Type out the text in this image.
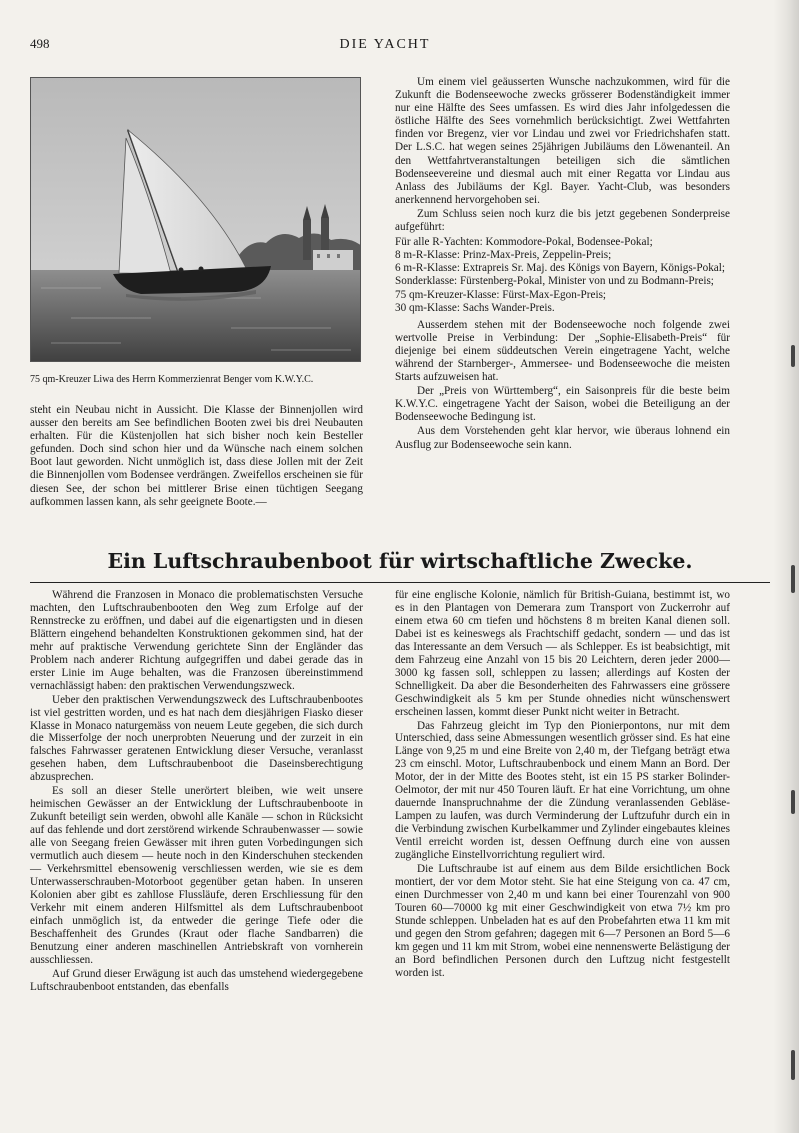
498	DIE YACHT
75 qm-Kreuzer Liwa des Herrn Kommerzienrat Benger vom K.W.Y.C.

steht ein Neubau nicht in Aussicht. Die Klasse der Binnenjollen wird ausser den bereits am See befindlichen Booten zwei bis drei Neubauten erhalten. Für die Küstenjollen hat sich bisher noch kein Besteller gefunden. Doch sind schon hier und da Wünsche nach einem solchen Boot laut geworden. Nicht unmöglich ist, dass diese Jollen mit der Zeit die Binnenjollen vom Bodensee verdrängen. Zweifellos erscheinen sie für diesen See, der schon bei mittlerer Brise einen tüchtigen Seegang aufkommen lassen kann, als sehr geeignete Boote.—

Um einem viel geäusserten Wunsche nachzukommen, wird für die Zukunft die Bodenseewoche zwecks grösserer Bodenständigkeit immer nur eine Hälfte des Sees umfassen. Es wird dies Jahr infolgedessen die östliche Hälfte des Sees vornehmlich berücksichtigt. Zwei Wettfahrten finden vor Bregenz, vier vor Lindau und zwei vor Friedrichshafen statt. Der L.S.C. hat wegen seines 25jährigen Jubiläums den Löwenanteil. An den Wettfahrtveranstaltungen beteiligen sich die sämtlichen Bodenseevereine und diesmal auch mit einer Regatta vor Lindau aus Anlass des Jubiläums der Kgl. Bayer. Yacht-Club, was besonders anerkennend hervorgehoben sei.

Zum Schluss seien noch kurz die bis jetzt gegebenen Sonderpreise aufgeführt:

Für alle R-Yachten: Kommodore-Pokal, Bodensee-Pokal;
8 m-R-Klasse: Prinz-Max-Preis, Zeppelin-Preis;
6 m-R-Klasse: Extrapreis Sr. Maj. des Königs von Bayern, Königs-Pokal;
Sonderklasse: Fürstenberg-Pokal, Minister von und zu Bodmann-Preis;
75 qm-Kreuzer-Klasse: Fürst-Max-Egon-Preis;
30 qm-Klasse: Sachs Wander-Preis.

Ausserdem stehen mit der Bodenseewoche noch folgende zwei wertvolle Preise in Verbindung: Der „Sophie-Elisabeth-Preis“ für diejenige bei einem süddeutschen Verein eingetragene Yacht, welche während der Starnberger-, Ammersee- und Bodenseewoche die meisten Starts aufzuweisen hat.

Der „Preis von Württemberg“, ein Saisonpreis für die beste beim K.W.Y.C. eingetragene Yacht der Saison, wobei die Beteiligung an der Bodenseewoche Bedingung ist.

Aus dem Vorstehenden geht klar hervor, wie überaus lohnend ein Ausflug zur Bodenseewoche sein kann.

Ein Luftschraubenboot für wirtschaftliche Zwecke.

Während die Franzosen in Monaco die problematischsten Versuche machten, den Luftschraubenbooten den Weg zum Erfolge auf der Rennstrecke zu eröffnen, und dabei auf die eigenartigsten und in diesen Blättern eingehend behandelten Konstruktionen gekommen sind, hat der mehr auf praktische Verwendung gerichtete Sinn der Engländer das Problem nach anderer Richtung aufgegriffen und dabei gerade das in erster Linie im Auge behalten, was die Franzosen übereinstimmend vernachlässigt haben: den praktischen Verwendungszweck.

Ueber den praktischen Verwendungszweck des Luftschraubenbootes ist viel gestritten worden, und es hat nach dem diesjährigen Fiasko dieser Klasse in Monaco naturgemäss von neuem Leute gegeben, die sich durch die Misserfolge der noch unerprobten Neuerung und der zurzeit in ein falsches Fahrwasser geratenen Entwicklung dieser Versuche, veranlasst gesehen haben, dem Luftschraubenboot die Daseinsberechtigung abzusprechen.

Es soll an dieser Stelle unerörtert bleiben, wie weit unsere heimischen Gewässer an der Entwicklung der Luftschraubenboote in Zukunft beteiligt sein werden, obwohl alle Kanäle — schon in Rücksicht auf das fehlende und dort zerstörend wirkende Schraubenwasser — sowie alle von Seegang freien Gewässer mit ihren guten Vorbedingungen sich vermutlich auch diesem — heute noch in den Kinderschuhen steckenden — Verkehrsmittel ebensowenig verschliessen werden, wie sie es dem Unterwasserschrauben-Motorboot gegenüber getan haben. In unseren Kolonien aber gibt es zahllose Flussläufe, deren Erschliessung für den Verkehr mit einem anderen Hilfsmittel als dem Luftschraubenboot einfach unmöglich ist, da entweder die geringe Tiefe oder die Beschaffenheit des Grundes (Kraut oder flache Sandbarren) die Benutzung einer anderen maschinellen Antriebskraft von vornherein ausschliessen.

Auf Grund dieser Erwägung ist auch das umstehend wiedergegebene Luftschraubenboot entstanden, das ebenfalls

für eine englische Kolonie, nämlich für British-Guiana, bestimmt ist, wo es in den Plantagen von Demerara zum Transport von Zuckerrohr auf einem etwa 60 cm tiefen und höchstens 8 m breiten Kanal dienen soll. Dabei ist es keineswegs als Frachtschiff gedacht, sondern — und das ist das Interessante an dem Versuch — als Schlepper. Es ist beabsichtigt, mit dem Fahrzeug eine Anzahl von 15 bis 20 Leichtern, deren jeder 2000—3000 kg fassen soll, schleppen zu lassen; allerdings auf Kosten der Schnelligkeit. Da aber die Besonderheiten des Fahrwassers eine grössere Geschwindigkeit als 5 km per Stunde ohnedies nicht wünschenswert erscheinen lassen, kommt dieser Punkt nicht weiter in Betracht.

Das Fahrzeug gleicht im Typ den Pionierpontons, nur mit dem Unterschied, dass seine Abmessungen wesentlich grösser sind. Es hat eine Länge von 9,25 m und eine Breite von 2,40 m, der Tiefgang beträgt etwa 23 cm einschl. Motor, Luftschraubenbock und einem Mann an Bord. Der Motor, der in der Mitte des Bootes steht, ist ein 15 PS starker Bolinder-Oelmotor, der mit nur 450 Touren läuft. Er hat eine Vorrichtung, um ohne dauernde Inanspruchnahme der die Zündung veranlassenden Gebläse-Lampen zu laufen, was durch Verminderung der Luftzufuhr durch ein in die Verbindung zwischen Kurbelkammer und Zylinder eingebautes kleines Ventil erreicht worden ist, dessen Oeffnung durch eine von aussen zugängliche Einstellvorrichtung reguliert wird.

Die Luftschraube ist auf einem aus dem Bilde ersichtlichen Bock montiert, der vor dem Motor steht. Sie hat eine Steigung von ca. 47 cm, einen Durchmesser von 2,40 m und kann bei einer Tourenzahl von 900 Touren 60—70000 kg mit einer Geschwindigkeit von etwa 7½ km pro Stunde schleppen. Unbeladen hat es auf den Probefahrten etwa 11 km mit und gegen den Strom gefahren; dagegen mit 6—7 Personen an Bord 5—6 km gegen und 11 km mit Strom, wobei eine nennenswerte Belästigung der an Bord befindlichen Personen durch den Luftzug nicht festgestellt worden ist.
